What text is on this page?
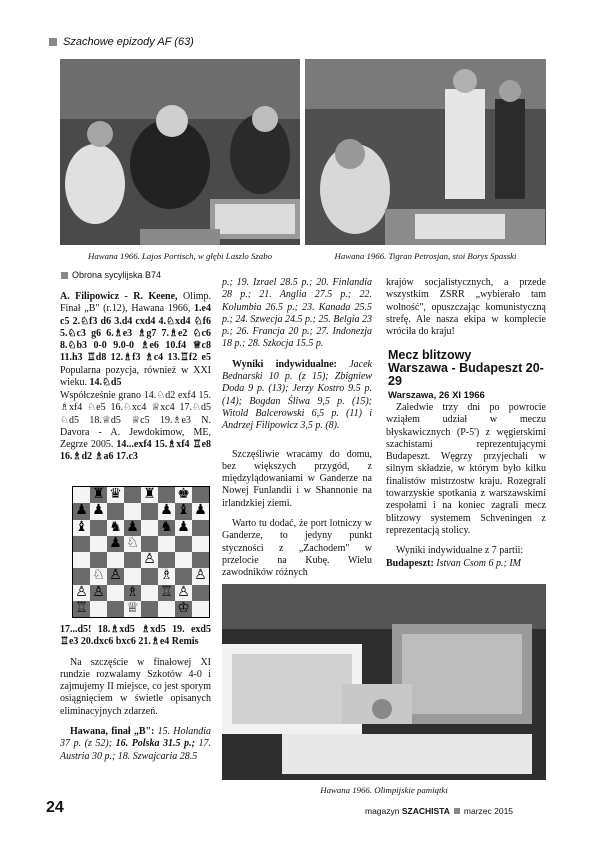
Szachowe epizody AF (63)
Hawana 1966. Lajos Portisch, w głębi Laszlo Szabo	Hawana 1966. Tigran Petrosjan, stoi Borys Spasski
Obrona sycylijska B74

A. Filipowicz - R. Keene, Olimp. Finał „B" (r.12), Hawana 1966, 1.e4 c5 2.♘f3 d6 3.d4 cxd4 4.♘xd4 ♘f6 5.♘c3 g6 6.♗e3 ♗g7 7.♗e2 ♘c6 8.♘b3 0-0 9.0-0 ♗e6 10.f4 ♕c8 11.h3 ♖d8 12.♗f3 ♗c4 13.♖f2 e5 Popularna pozycja, również w XXI wieku. 14.♘d5

Współcześnie grano 14.♘d2 exf4 15. ♗xf4 ♘e5 16.♘xc4 ♕xc4 17.♘d5 ♘d5 18.♕d5 ♕c5 19.♗e3 N. Davora - A. Jewdokimow, ME, Zegrze 2005. 14...exf4 15.♗xf4 ♖e8 16.♗d2 ♗a6 17.c3

♜ ♛ ♜ ♚
♟ ♟	♟ ♝ ♟
♝ ♞ ♟ ♞ ♟
♟ ♘
♙
♘ ♙	♗ ♙
♙ ♙ ♗ ♖ ♙
♖	♕	♔

17...d5! 18.♗xd5 ♗xd5 19. exd5 ♖e3 20.dxc6 bxc6 21.♗e4 Remis

Na szczęście w finałowej XI rundzie rozwalamy Szkotów 4-0 i zajmujemy II miejsce, co jest sporym osiągnięciem w świetle opisanych eliminacyjnych zdarzeń.

Hawana, finał „B": 15. Holandia 37 p. (z 52); 16. Polska 31.5 p.; 17. Austria 30 p.; 18. Szwajcaria 28.5

p.; 19. Izrael 28.5 p.; 20. Finlandia 28 p.; 21. Anglia 27.5 p.; 22. Kolumbia 26.5 p.; 23. Kanada 25.5 p.; 24. Szwecja 24.5 p.; 25. Belgia 23 p.; 26. Francja 20 p.; 27. Indonezja 18 p.; 28. Szkocja 15.5 p.

Wyniki indywidualne: Jacek Bednarski 10 p. (z 15); Zbigniew Doda 9 p. (13); Jerzy Kostro 9.5 p. (14); Bogdan Śliwa 9,5 p. (15); Witold Balcerowski 6,5 p. (11) i Andrzej Filipowicz 3,5 p. (8).

Szczęśliwie wracamy do domu, bez większych przygód, z międzylądowaniami w Ganderze na Nowej Funlandii i w Shannonie na irlandzkiej ziemi.

Warto tu dodać, że port lotniczy w Ganderze, to jedyny punkt styczności z „Zachodem" w przelocie na Kubę. Wielu zawodników różnych

krajów socjalistycznych, a przede wszystkim ZSRR „wybierało tam wolność", opuszczając komunistyczną strefę. Ale nasza ekipa w komplecie wróciła do kraju!

Mecz blitzowy
Warszawa - Budapeszt 20-29
Warszawa, 26 XI 1966

Zaledwie trzy dni po powrocie wziąłem udział w meczu błyskawicznych (P-5') z węgierskimi szachistami reprezentującymi Budapeszt. Węgrzy przyjechali w silnym składzie, w którym było kilku finalistów mistrzostw kraju. Rozegrali towarzyskie spotkania z warszawskimi zespołami i na koniec zagrali mecz blitzowy systemem Schveningen z reprezentacją stolicy.

Wyniki indywidualne z 7 partii:

Budapeszt: Istvan Csom 6 p.; IM

Hawana 1966. Olimpijskie pamiątki
24	magazyn SZACHISTA marzec 2015
